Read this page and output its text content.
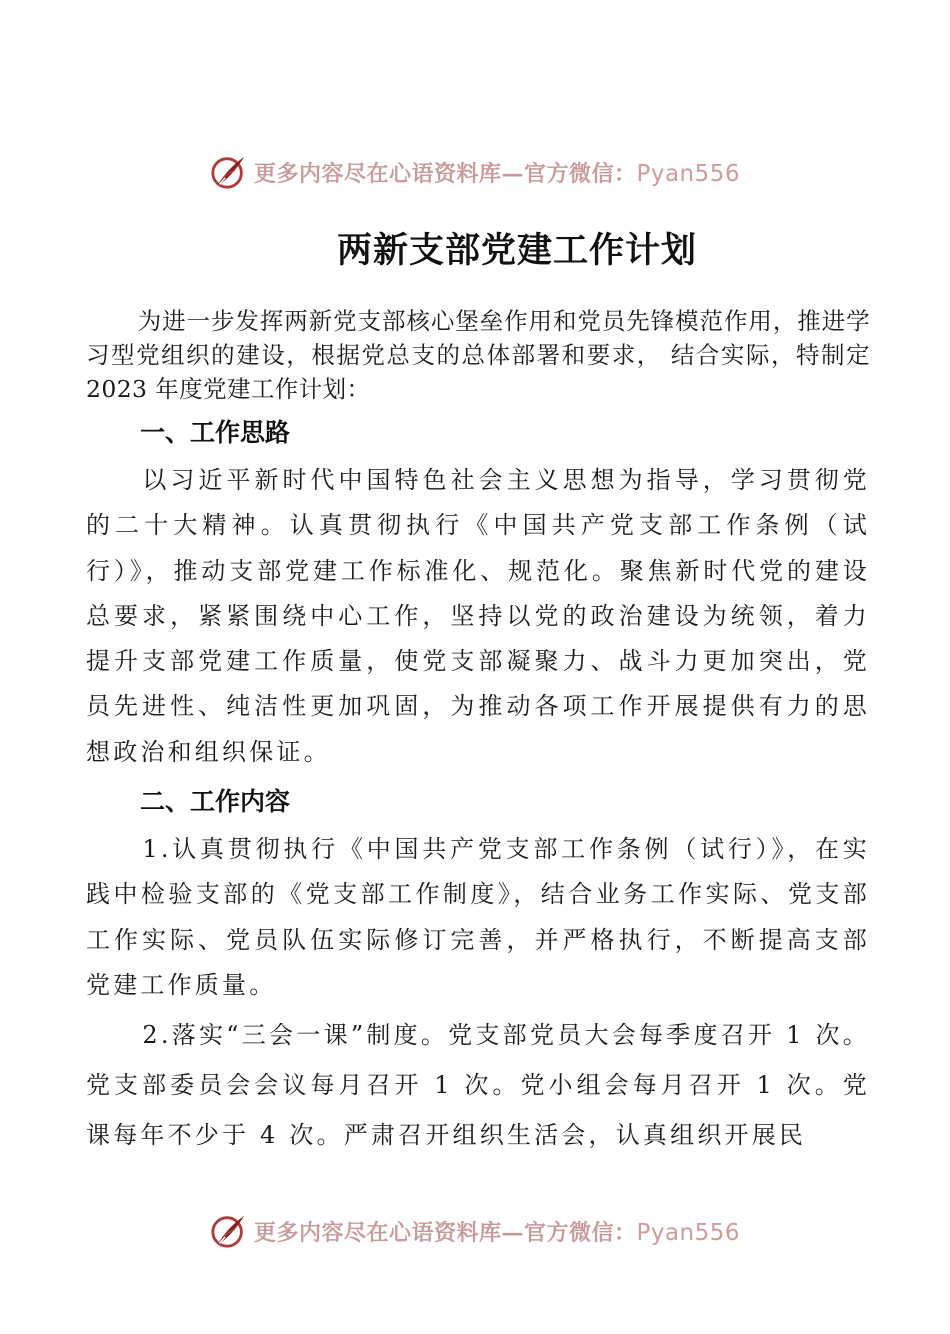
更多内容尽在心语资料库—官方微信：Pyan556
两新支部党建工作计划

为进一步发挥两新党支部核心堡垒作用和党员先锋模范作用，推进学习型党组织的建设，根据党总支的总体部署和要求， 结合实际，特制定 2023 年度党建工作计划：

一、工作思路

以习近平新时代中国特色社会主义思想为指导，学习贯彻党的二十大精神。认真贯彻执行《中国共产党支部工作条例（试行）》，推动支部党建工作标准化、规范化。聚焦新时代党的建设总要求，紧紧围绕中心工作，坚持以党的政治建设为统领，着力提升支部党建工作质量，使党支部凝聚力、战斗力更加突出，党员先进性、纯洁性更加巩固，为推动各项工作开展提供有力的思想政治和组织保证。

二、工作内容

1.认真贯彻执行《中国共产党支部工作条例（试行）》，在实践中检验支部的《党支部工作制度》，结合业务工作实际、党支部工作实际、党员队伍实际修订完善，并严格执行，不断提高支部党建工作质量。

2.落实“三会一课”制度。党支部党员大会每季度召开 1 次。党支部委员会会议每月召开 1 次。党小组会每月召开 1 次。党课每年不少于 4 次。严肃召开组织生活会，认真组织开展民

更多内容尽在心语资料库—官方微信：Pyan556
